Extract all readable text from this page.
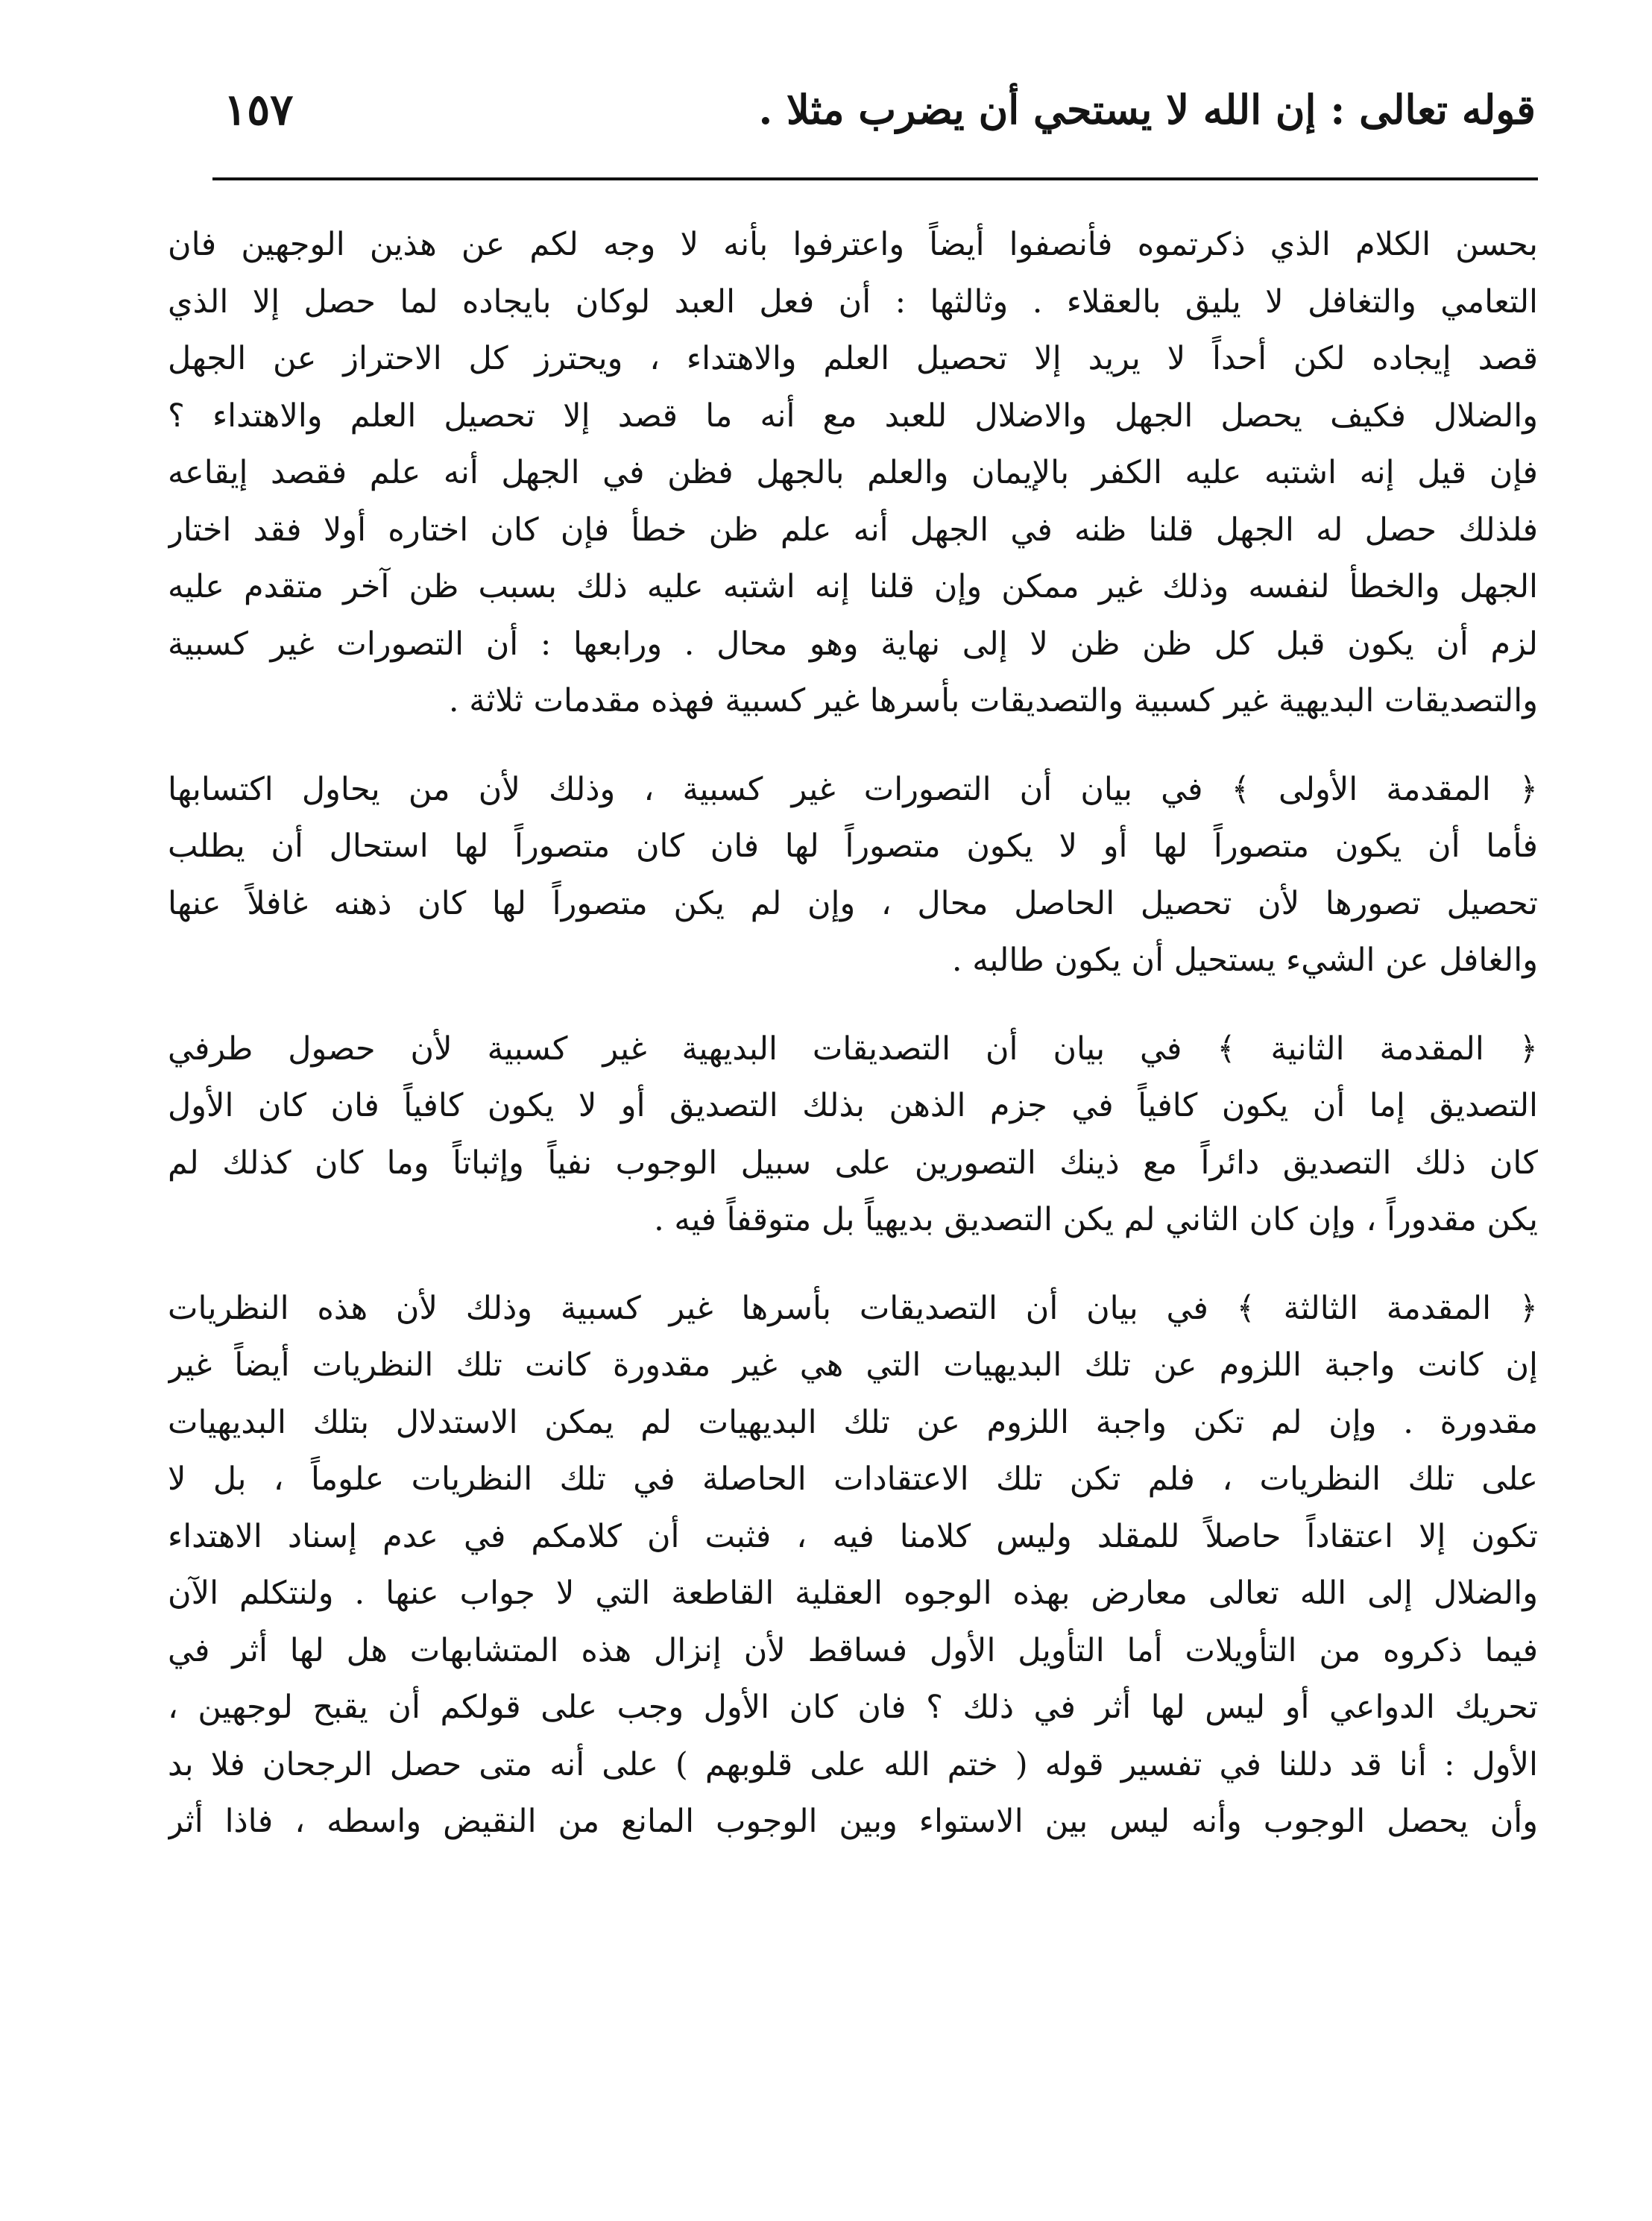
قوله تعالى : إن الله لا يستحي أن يضرب مثلا .
١٥٧

بحسن الكلام الذي ذكرتموه فأنصفوا أيضاً واعترفوا بأنه لا وجه لكم عن هذين الوجهين فان
التعامي والتغافل لا يليق بالعقلاء . وثالثها : أن فعل العبد لوكان بايجاده لما حصل إلا الذي
قصد إيجاده لكن أحداً لا يريد إلا تحصيل العلم والاهتداء ، ويحترز كل الاحتراز عن الجهل
والضلال فكيف يحصل الجهل والاضلال للعبد مع أنه ما قصد إلا تحصيل العلم والاهتداء ؟
فإن قيل إنه اشتبه عليه الكفر بالإيمان والعلم بالجهل فظن في الجهل أنه علم فقصد إيقاعه
فلذلك حصل له الجهل قلنا ظنه في الجهل أنه علم ظن خطأ فإن كان اختاره أولا فقد اختار
الجهل والخطأ لنفسه وذلك غير ممكن وإن قلنا إنه اشتبه عليه ذلك بسبب ظن آخر متقدم عليه
لزم أن يكون قبل كل ظن ظن لا إلى نهاية وهو محال . ورابعها : أن التصورات غير كسبية
والتصديقات البديهية غير كسبية والتصديقات بأسرها غير كسبية فهذه مقدمات ثلاثة .

﴿ المقدمة الأولى ﴾ في بيان أن التصورات غير كسبية ، وذلك لأن من يحاول اكتسابها
فأما أن يكون متصوراً لها أو لا يكون متصوراً لها فان كان متصوراً لها استحال أن يطلب
تحصيل تصورها لأن تحصيل الحاصل محال ، وإن لم يكن متصوراً لها كان ذهنه غافلاً عنها
والغافل عن الشيء يستحيل أن يكون طالبه .

﴿ المقدمة الثانية ﴾ في بيان أن التصديقات البديهية غير كسبية لأن حصول طرفي
التصديق إما أن يكون كافياً في جزم الذهن بذلك التصديق أو لا يكون كافياً فان كان الأول
كان ذلك التصديق دائراً مع ذينك التصورين على سبيل الوجوب نفياً وإثباتاً وما كان كذلك لم
يكن مقدوراً ، وإن كان الثاني لم يكن التصديق بديهياً بل متوقفاً فيه .

﴿ المقدمة الثالثة ﴾ في بيان أن التصديقات بأسرها غير كسبية وذلك لأن هذه النظريات
إن كانت واجبة اللزوم عن تلك البديهيات التي هي غير مقدورة كانت تلك النظريات أيضاً غير
مقدورة . وإن لم تكن واجبة اللزوم عن تلك البديهيات لم يمكن الاستدلال بتلك البديهيات
على تلك النظريات ، فلم تكن تلك الاعتقادات الحاصلة في تلك النظريات علوماً ، بل لا
تكون إلا اعتقاداً حاصلاً للمقلد وليس كلامنا فيه ، فثبت أن كلامكم في عدم إسناد الاهتداء
والضلال إلى الله تعالى معارض بهذه الوجوه العقلية القاطعة التي لا جواب عنها . ولنتكلم الآن
فيما ذكروه من التأويلات أما التأويل الأول فساقط لأن إنزال هذه المتشابهات هل لها أثر في
تحريك الدواعي أو ليس لها أثر في ذلك ؟ فان كان الأول وجب على قولكم أن يقبح لوجهين ،
الأول : أنا قد دللنا في تفسير قوله ( ختم الله على قلوبهم ) على أنه متى حصل الرجحان فلا بد
وأن يحصل الوجوب وأنه ليس بين الاستواء وبين الوجوب المانع من النقيض واسطه ، فاذا أثر
